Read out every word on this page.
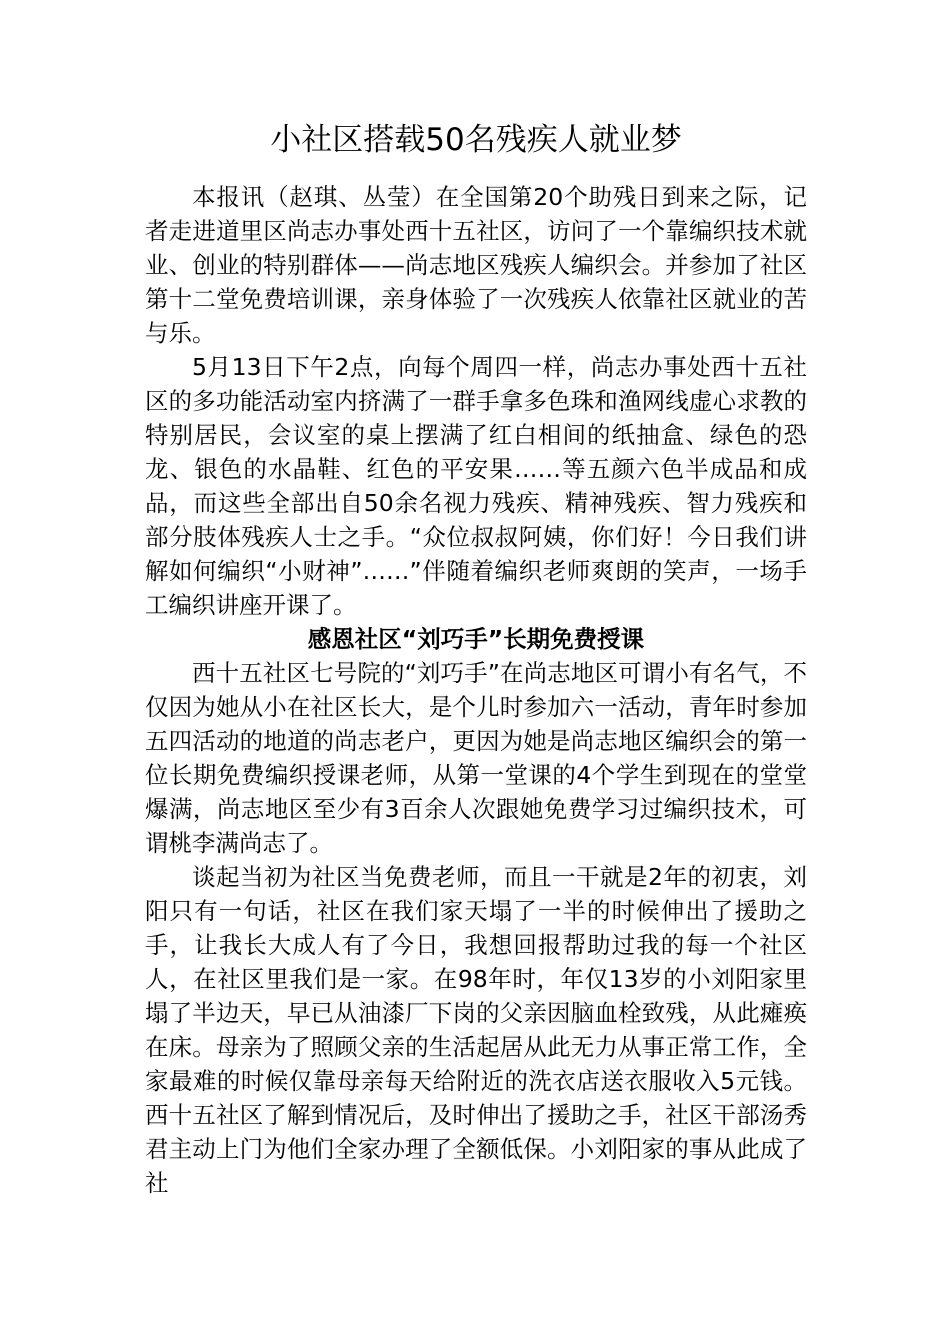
小社区搭载50名残疾人就业梦

本报讯（赵琪、丛莹）在全国第20个助残日到来之际，记者走进道里区尚志办事处西十五社区，访问了一个靠编织技术就业、创业的特别群体——尚志地区残疾人编织会。并参加了社区第十二堂免费培训课，亲身体验了一次残疾人依靠社区就业的苦与乐。

5月13日下午2点，向每个周四一样，尚志办事处西十五社区的多功能活动室内挤满了一群手拿多色珠和渔网线虚心求教的特别居民，会议室的桌上摆满了红白相间的纸抽盒、绿色的恐龙、银色的水晶鞋、红色的平安果……等五颜六色半成品和成品，而这些全部出自50余名视力残疾、精神残疾、智力残疾和部分肢体残疾人士之手。“众位叔叔阿姨，你们好！今日我们讲解如何编织“小财神”……”伴随着编织老师爽朗的笑声，一场手工编织讲座开课了。

感恩社区“刘巧手”长期免费授课

西十五社区七号院的“刘巧手”在尚志地区可谓小有名气，不仅因为她从小在社区长大，是个儿时参加六一活动，青年时参加五四活动的地道的尚志老户，更因为她是尚志地区编织会的第一位长期免费编织授课老师，从第一堂课的4个学生到现在的堂堂爆满，尚志地区至少有3百余人次跟她免费学习过编织技术，可谓桃李满尚志了。

谈起当初为社区当免费老师，而且一干就是2年的初衷，刘阳只有一句话，社区在我们家天塌了一半的时候伸出了援助之手，让我长大成人有了今日，我想回报帮助过我的每一个社区人，在社区里我们是一家。在98年时，年仅13岁的小刘阳家里塌了半边天，早已从油漆厂下岗的父亲因脑血栓致残，从此瘫痪在床。母亲为了照顾父亲的生活起居从此无力从事正常工作，全家最难的时候仅靠母亲每天给附近的洗衣店送衣服收入5元钱。西十五社区了解到情况后，及时伸出了援助之手，社区干部汤秀君主动上门为他们全家办理了全额低保。小刘阳家的事从此成了社
